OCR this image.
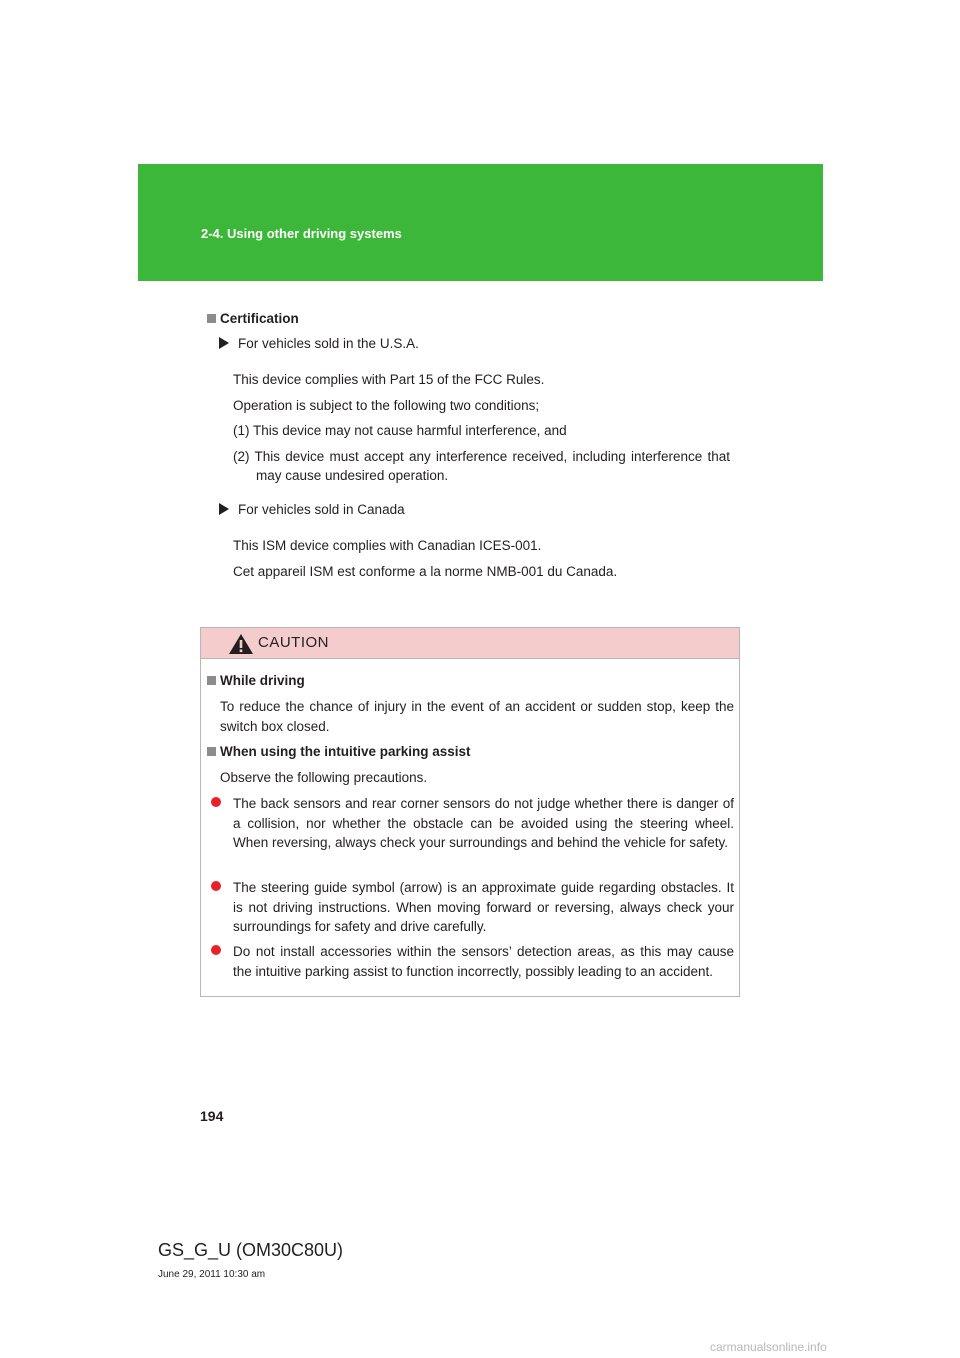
2-4. Using other driving systems
Certification
For vehicles sold in the U.S.A.
This device complies with Part 15 of the FCC Rules.
Operation is subject to the following two conditions;
(1) This device may not cause harmful interference, and
(2) This device must accept any interference received, including interference that may cause undesired operation.
For vehicles sold in Canada
This ISM device complies with Canadian ICES-001.
Cet appareil ISM est conforme a la norme NMB-001 du Canada.
CAUTION
While driving
To reduce the chance of injury in the event of an accident or sudden stop, keep the switch box closed.
When using the intuitive parking assist
Observe the following precautions.
The back sensors and rear corner sensors do not judge whether there is danger of a collision, nor whether the obstacle can be avoided using the steering wheel. When reversing, always check your surroundings and behind the vehicle for safety.
The steering guide symbol (arrow) is an approximate guide regarding obstacles. It is not driving instructions. When moving forward or reversing, always check your surroundings for safety and drive carefully.
Do not install accessories within the sensors’ detection areas, as this may cause the intuitive parking assist to function incorrectly, possibly leading to an accident.
194
GS_G_U (OM30C80U)
June 29, 2011 10:30 am
carmanualsonline.info
